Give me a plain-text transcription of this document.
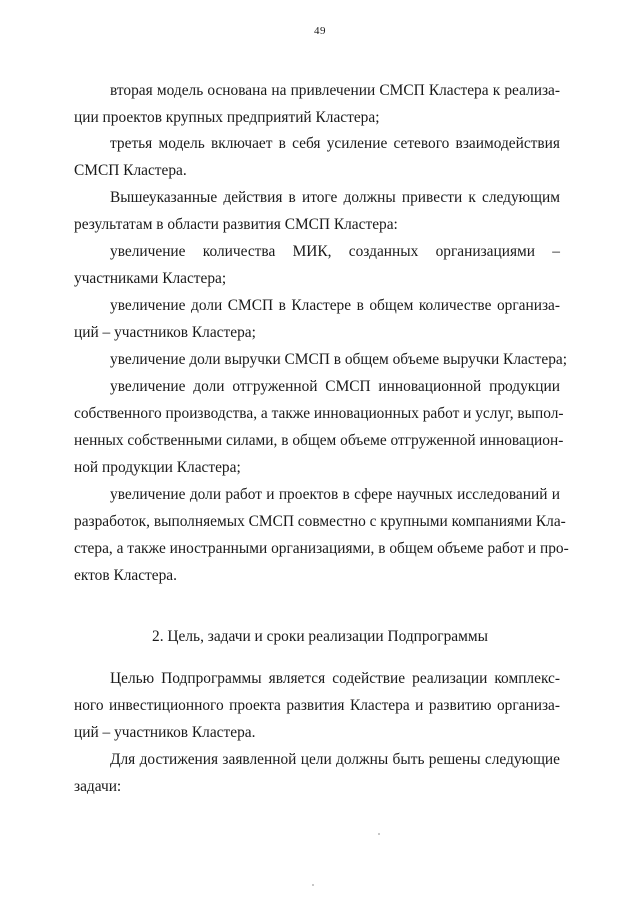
49
вторая модель основана на привлечении СМСП Кластера к реализа-
ции проектов крупных предприятий Кластера;
третья модель включает в себя усиление сетевого взаимодействия
СМСП Кластера.
Вышеуказанные действия в итоге должны привести к следующим
результатам в области развития СМСП Кластера:
увеличение количества МИК, созданных организациями –
участниками Кластера;
увеличение доли СМСП в Кластере в общем количестве организа-
ций – участников Кластера;
увеличение доли выручки СМСП в общем объеме выручки Кластера;
увеличение доли отгруженной СМСП инновационной продукции
собственного производства, а также инновационных работ и услуг, выпол-
ненных собственными силами, в общем объеме отгруженной инновацион-
ной продукции Кластера;
увеличение доли работ и проектов в сфере научных исследований и
разработок, выполняемых СМСП совместно с крупными компаниями Кла-
стера, а также иностранными организациями, в общем объеме работ и про-
ектов Кластера.
2. Цель, задачи и сроки реализации Подпрограммы
Целью Подпрограммы является содействие реализации комплекс-
ного инвестиционного проекта развития Кластера и развитию организа-
ций – участников Кластера.
Для достижения заявленной цели должны быть решены следующие
задачи:
